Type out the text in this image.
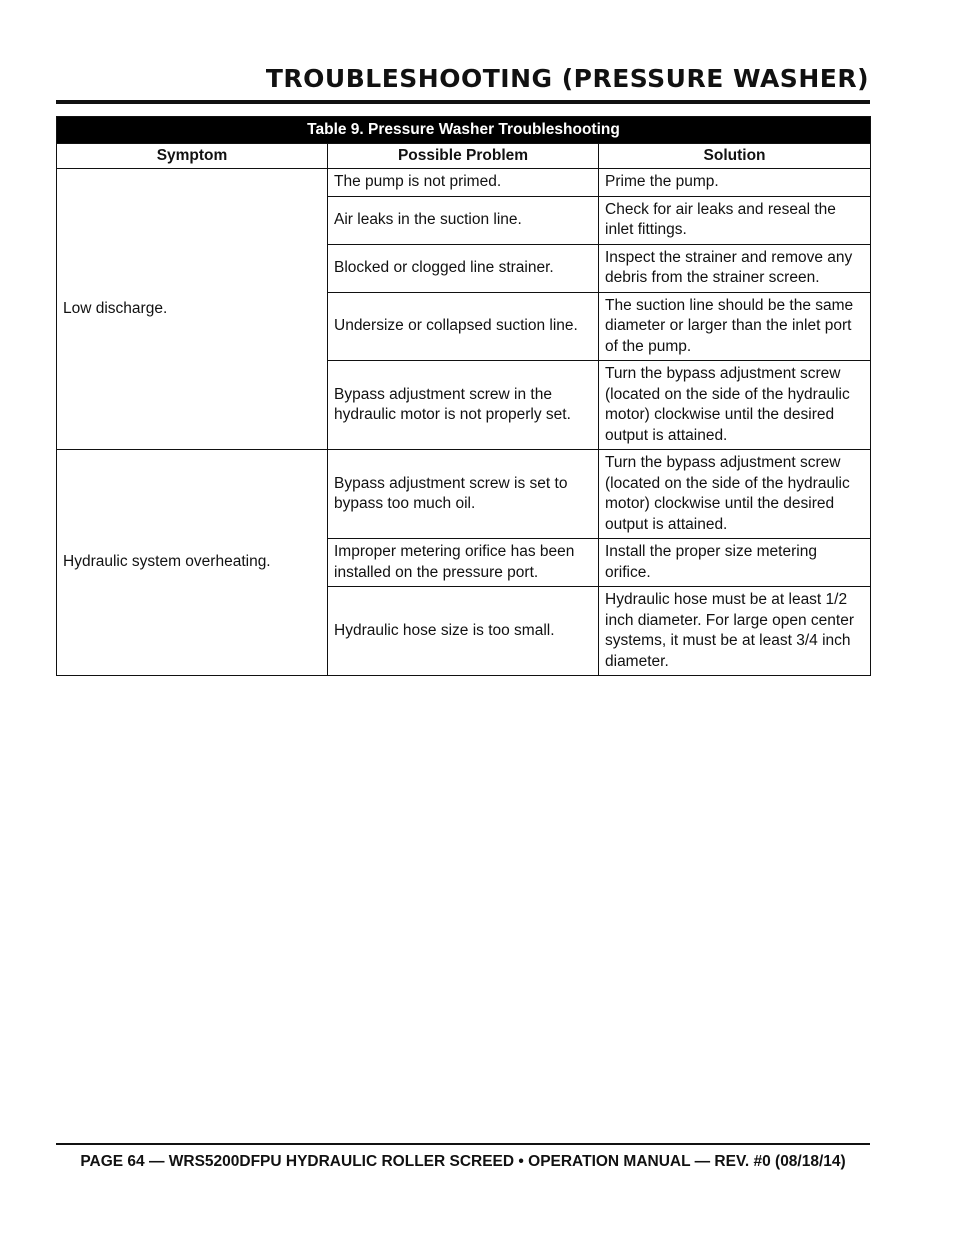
TROUBLESHOOTING (PRESSURE WASHER)
Table 9. Pressure Washer Troubleshooting		
Symptom	Possible Problem	Solution
Low discharge.	The pump is not primed.	Prime the pump.
	Air leaks in the suction line.	Check for air leaks and reseal the inlet fittings.
	Blocked or clogged line strainer.	Inspect the strainer and remove any debris from the strainer screen.
	Undersize or collapsed suction line.	The suction line should be the same diameter or larger than the inlet port of the pump.
	Bypass adjustment screw in the hydraulic motor is not properly set.	Turn the bypass adjustment screw (located on the side of the hydraulic motor) clockwise until the desired output is attained.
Hydraulic system overheating.	Bypass adjustment screw is set to bypass too much oil.	Turn the bypass adjustment screw (located on the side of the hydraulic motor) clockwise until the desired output is attained.
	Improper metering orifice has been installed on the pressure port.	Install the proper size metering orifice.
	Hydraulic hose size is too small.	Hydraulic hose must be at least 1/2 inch diameter. For large open center systems, it must be at least 3/4 inch diameter.
PAGE 64 — WRS5200DFPU HYDRAULIC ROLLER SCREED • OPERATION MANUAL — REV. #0 (08/18/14)
